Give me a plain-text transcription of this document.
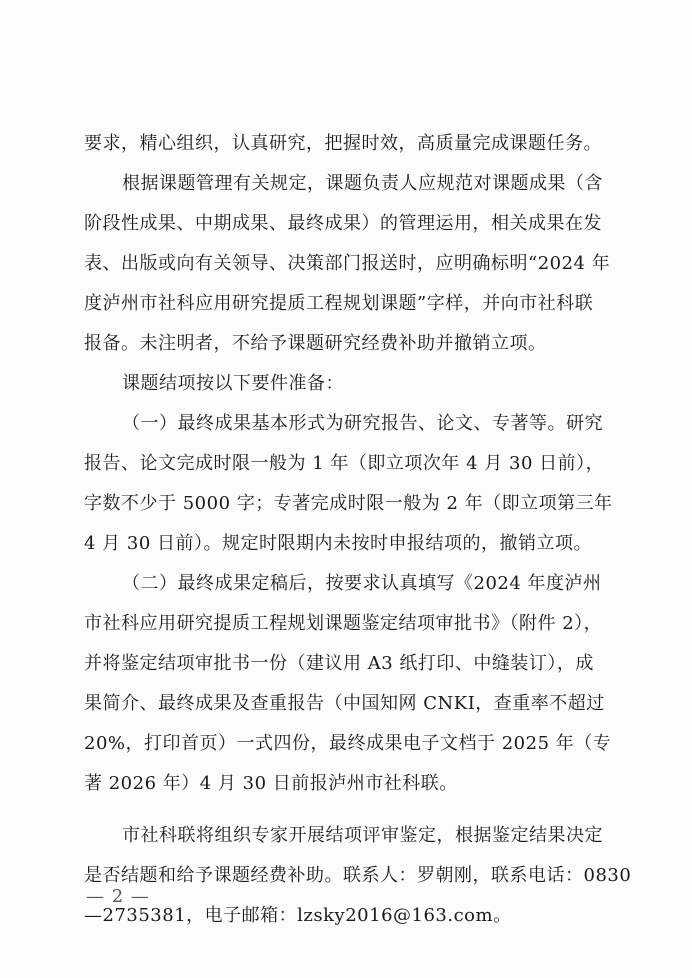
要求，精心组织，认真研究，把握时效，高质量完成课题任务。
根据课题管理有关规定，课题负责人应规范对课题成果（含
阶段性成果、中期成果、最终成果）的管理运用，相关成果在发
表、出版或向有关领导、决策部门报送时，应明确标明“2024 年
度泸州市社科应用研究提质工程规划课题”字样，并向市社科联
报备。未注明者，不给予课题研究经费补助并撤销立项。
课题结项按以下要件准备：
（一）最终成果基本形式为研究报告、论文、专著等。研究
报告、论文完成时限一般为 1 年（即立项次年 4 月 30 日前），
字数不少于 5000 字；专著完成时限一般为 2 年（即立项第三年
4 月 30 日前）。规定时限期内未按时申报结项的，撤销立项。
（二）最终成果定稿后，按要求认真填写《2024 年度泸州
市社科应用研究提质工程规划课题鉴定结项审批书》（附件 2），
并将鉴定结项审批书一份（建议用 A3 纸打印、中缝装订），成
果简介、最终成果及查重报告（中国知网 CNKI，查重率不超过
20%，打印首页）一式四份，最终成果电子文档于 2025 年（专
著 2026 年）4 月 30 日前报泸州市社科联。
市社科联将组织专家开展结项评审鉴定，根据鉴定结果决定
是否结题和给予课题经费补助。联系人：罗朝刚，联系电话：0830
—2735381，电子邮箱：lzsky2016@163.com。
— 2 —
